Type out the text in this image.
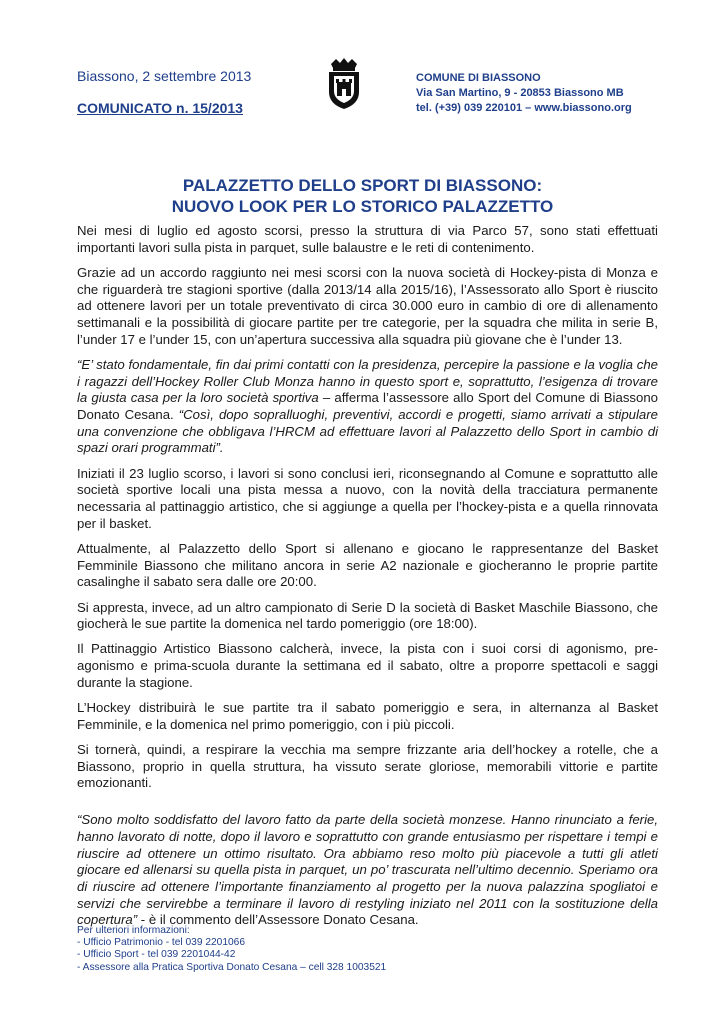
Biassono, 2 settembre 2013
COMUNICATO n. 15/2013
COMUNE DI BIASSONO
Via San Martino, 9 - 20853 Biassono MB
tel. (+39) 039 220101 – www.biassono.org
PALAZZETTO DELLO SPORT DI BIASSONO:
NUOVO LOOK PER LO STORICO PALAZZETTO

Nei mesi di luglio ed agosto scorsi, presso la struttura di via Parco 57, sono stati effettuati importanti lavori sulla pista in parquet, sulle balaustre e le reti di contenimento.

Grazie ad un accordo raggiunto nei mesi scorsi con la nuova società di Hockey-pista di Monza e che riguarderà tre stagioni sportive (dalla 2013/14 alla 2015/16), l’Assessorato allo Sport è riuscito ad ottenere lavori per un totale preventivato di circa 30.000 euro in cambio di ore di allenamento settimanali e la possibilità di giocare partite per tre categorie, per la squadra che milita in serie B, l’under 17 e l’under 15, con un’apertura successiva alla squadra più giovane che è l’under 13.

“E’ stato fondamentale, fin dai primi contatti con la presidenza, percepire la passione e la voglia che i ragazzi dell’Hockey Roller Club Monza hanno in questo sport e, soprattutto, l’esigenza di trovare la giusta casa per la loro società sportiva – afferma l’assessore allo Sport del Comune di Biassono Donato Cesana. “Così, dopo sopralluoghi, preventivi, accordi e progetti, siamo arrivati a stipulare una convenzione che obbligava l’HRCM ad effettuare lavori al Palazzetto dello Sport in cambio di spazi orari programmati”.

Iniziati il 23 luglio scorso, i lavori si sono conclusi ieri, riconsegnando al Comune e soprattutto alle società sportive locali una pista messa a nuovo, con la novità della tracciatura permanente necessaria al pattinaggio artistico, che si aggiunge a quella per l’hockey-pista e a quella rinnovata per il basket.

Attualmente, al Palazzetto dello Sport si allenano e giocano le rappresentanze del Basket Femminile Biassono che militano ancora in serie A2 nazionale e giocheranno le proprie partite casalinghe il sabato sera dalle ore 20:00.

Si appresta, invece, ad un altro campionato di Serie D la società di Basket Maschile Biassono, che giocherà le sue partite la domenica nel tardo pomeriggio (ore 18:00).

Il Pattinaggio Artistico Biassono calcherà, invece, la pista con i suoi corsi di agonismo, pre-agonismo e prima-scuola durante la settimana ed il sabato, oltre a proporre spettacoli e saggi durante la stagione.

L’Hockey distribuirà le sue partite tra il sabato pomeriggio e sera, in alternanza al Basket Femminile, e la domenica nel primo pomeriggio, con i più piccoli.

Si tornerà, quindi, a respirare la vecchia ma sempre frizzante aria dell’hockey a rotelle, che a Biassono, proprio in quella struttura, ha vissuto serate gloriose, memorabili vittorie e partite emozionanti.

“Sono molto soddisfatto del lavoro fatto da parte della società monzese. Hanno rinunciato a ferie, hanno lavorato di notte, dopo il lavoro e soprattutto con grande entusiasmo per rispettare i tempi e riuscire ad ottenere un ottimo risultato. Ora abbiamo reso molto più piacevole a tutti gli atleti giocare ed allenarsi su quella pista in parquet, un po’ trascurata nell’ultimo decennio. Speriamo ora di riuscire ad ottenere l’importante finanziamento al progetto per la nuova palazzina spogliatoi e servizi che servirebbe a terminare il lavoro di restyling iniziato nel 2011 con la sostituzione della copertura” - è il commento dell’Assessore Donato Cesana.

Per ulteriori informazioni:
- Ufficio Patrimonio - tel 039 2201066
- Ufficio Sport - tel 039 2201044-42
- Assessore alla Pratica Sportiva Donato Cesana – cell 328 1003521
